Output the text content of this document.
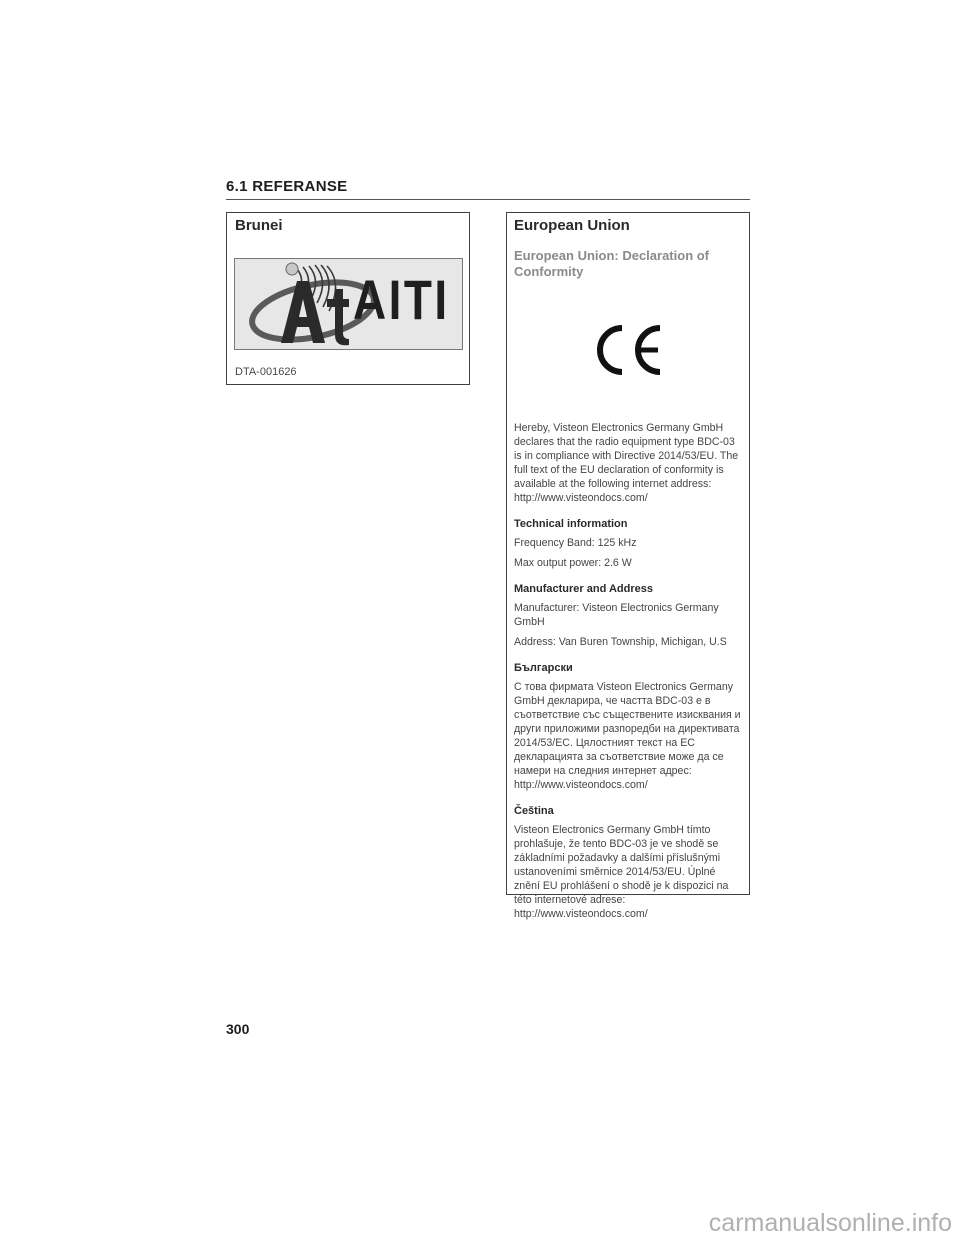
6.1 REFERANSE
Brunei
AITI
DTA-001626
European Union
European Union: Declaration of Conformity

Hereby, Visteon Electronics Germany GmbH declares that the radio equipment type BDC-03 is in compliance with Directive 2014/53/EU. The full text of the EU declaration of conformity is available at the following internet address: http://www.visteondocs.com/

Technical information

Frequency Band: 125 kHz

Max output power: 2.6 W

Manufacturer and Address

Manufacturer: Visteon Electronics Germany GmbH

Address: Van Buren Township, Michigan, U.S

Български

С това фирмата Visteon Electronics Germany GmbH декларира, че частта BDC-03 е в съответствие със съществените изисквания и други приложими разпоредби на директивата 2014/53/EC. Цялостният текст на ЕС декларацията за съответствие може да се намери на следния интернет адрес: http://www.visteondocs.com/

Čeština

Visteon Electronics Germany GmbH tímto prohlašuje, že tento BDC-03 je ve shodě se základními požadavky a dalšími příslušnými ustanoveními směrnice 2014/53/EU. Úplné znění EU prohlášení o shodě je k dispozici na této internetové adrese: http://www.visteondocs.com/

300
carmanualsonline.info
